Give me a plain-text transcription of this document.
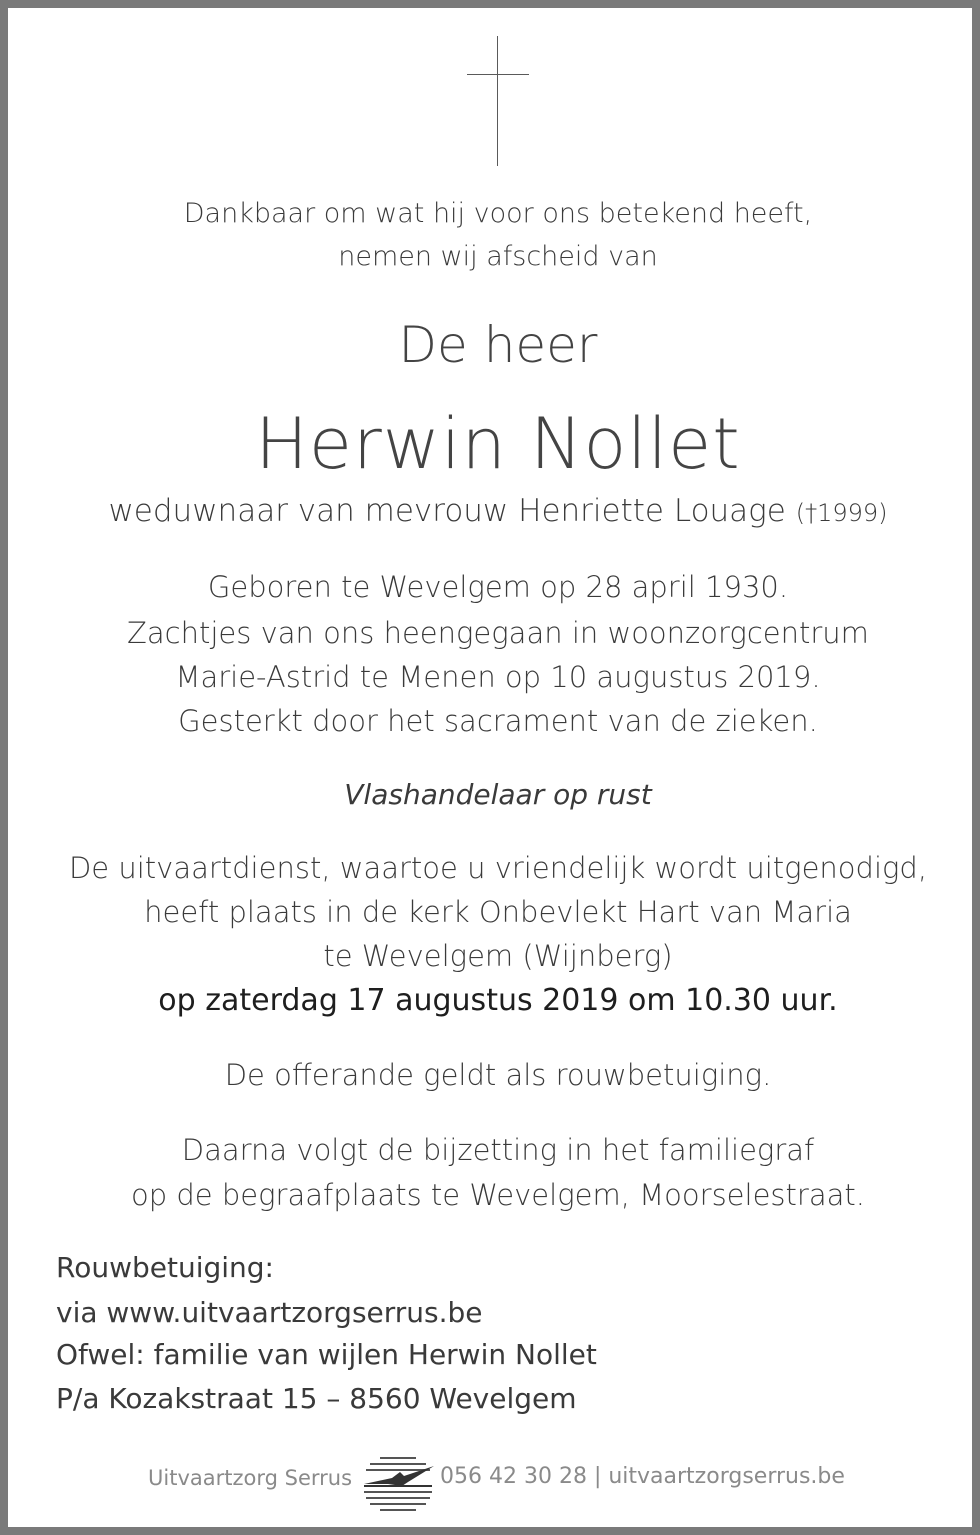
Dankbaar om wat hij voor ons betekend heeft,

nemen wij afscheid van

De heer

Herwin Nollet

weduwnaar van mevrouw Henriette Louage (†1999)

Geboren te Wevelgem op 28 april 1930.

Zachtjes van ons heengegaan in woonzorgcentrum

Marie-Astrid te Menen op 10 augustus 2019.

Gesterkt door het sacrament van de zieken.

Vlashandelaar op rust

De uitvaartdienst, waartoe u vriendelijk wordt uitgenodigd,

heeft plaats in de kerk Onbevlekt Hart van Maria

te Wevelgem (Wijnberg)

op zaterdag 17 augustus 2019 om 10.30 uur.

De offerande geldt als rouwbetuiging.

Daarna volgt de bijzetting in het familiegraf

op de begraafplaats te Wevelgem, Moorselestraat.

Rouwbetuiging:

via www.uitvaartzorgserrus.be

Ofwel: familie van wijlen Herwin Nollet

P/a Kozakstraat 15 – 8560 Wevelgem

Uitvaartzorg Serrus	056 42 30 28 | uitvaartzorgserrus.be
